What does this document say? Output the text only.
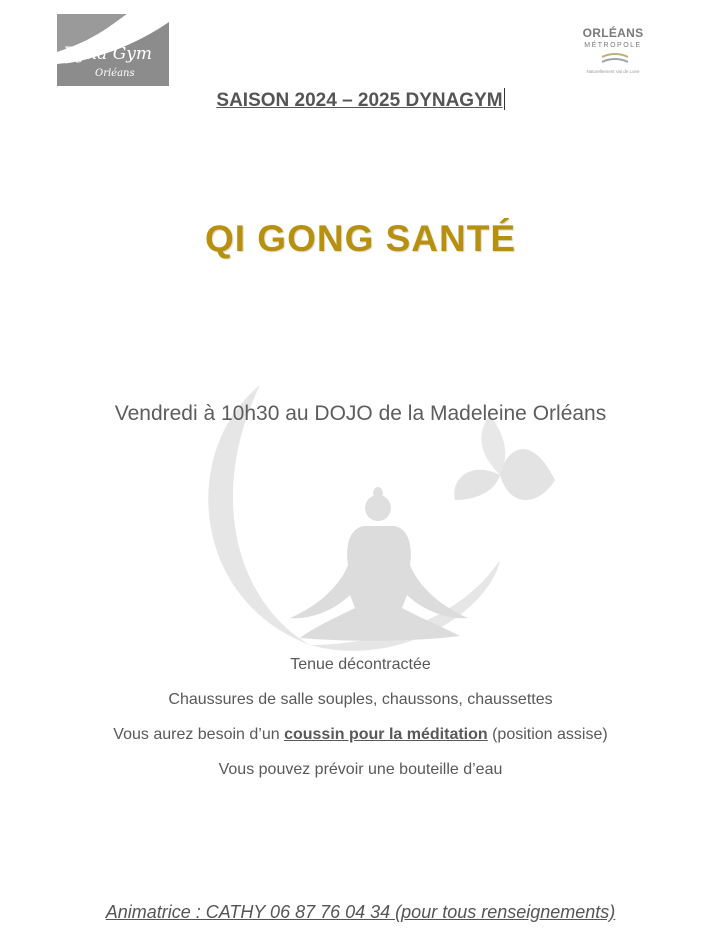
Dyna Gym
Orléans
ORLÉANS
MÉTROPOLE
Naturellement Val de Loire
SAISON 2024 – 2025 DYNAGYM
QI GONG SANTÉ
Vendredi à 10h30 au DOJO de la Madeleine Orléans
Tenue décontractée
Chaussures de salle souples, chaussons, chaussettes
Vous aurez besoin d’un coussin pour la méditation (position assise)
Vous pouvez prévoir une bouteille d’eau
Animatrice : CATHY 06 87 76 04 34 (pour tous renseignements)
